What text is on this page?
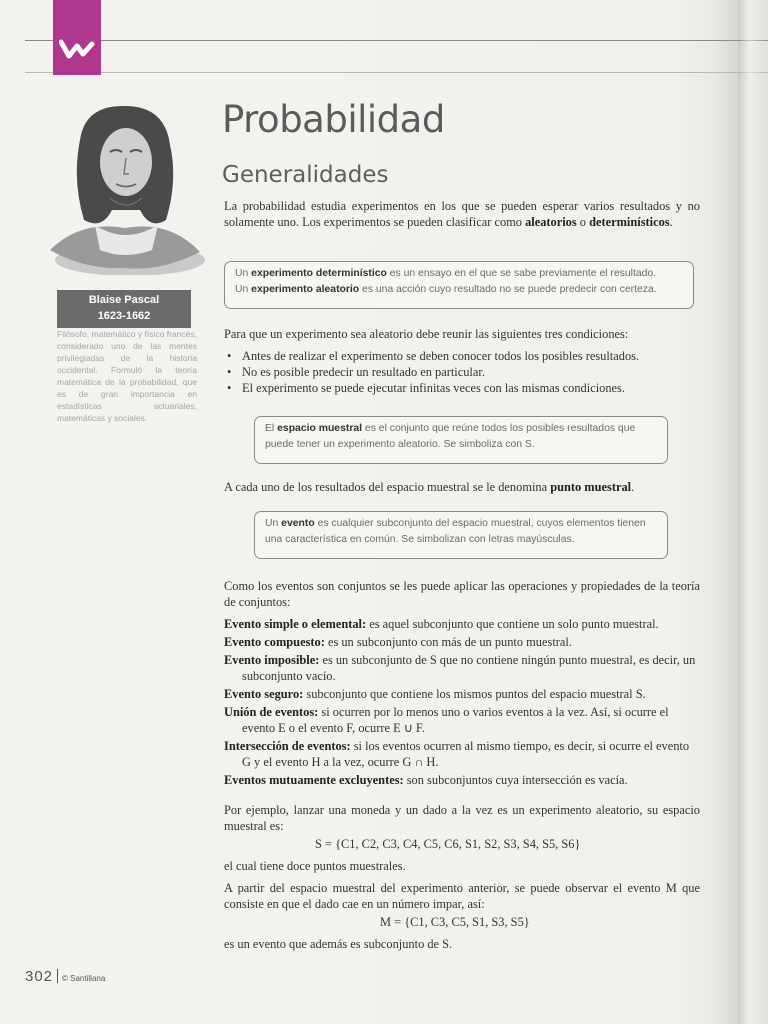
Blaise Pascal
1623-1662
Filósofo, matemático y físico francés, considerado uno de las mentes privilegiadas de la historia occidental. Formuló la teoría matemática de la probabilidad, que es de gran importancia en estadísticas actuariales, matemáticas y sociales.
Probabilidad
Generalidades
La probabilidad estudia experimentos en los que se pueden esperar varios resultados y no solamente uno. Los experimentos se pueden clasificar como aleatorios o determinísticos.
Un experimento determinístico es un ensayo en el que se sabe previamente el resultado.
Un experimento aleatorio es una acción cuyo resultado no se puede predecir con certeza.
Para que un experimento sea aleatorio debe reunir las siguientes tres condiciones:
• Antes de realizar el experimento se deben conocer todos los posibles resultados.
• No es posible predecir un resultado en particular.
• El experimento se puede ejecutar infinitas veces con las mismas condiciones.
El espacio muestral es el conjunto que reúne todos los posibles resultados que puede tener un experimento aleatorio. Se simboliza con S.
A cada uno de los resultados del espacio muestral se le denomina punto muestral.
Un evento es cualquier subconjunto del espacio muestral, cuyos elementos tienen una característica en común. Se simbolizan con letras mayúsculas.
Como los eventos son conjuntos se les puede aplicar las operaciones y propiedades de la teoría de conjuntos:
Evento simple o elemental: es aquel subconjunto que contiene un solo punto muestral.
Evento compuesto: es un subconjunto con más de un punto muestral.
Evento imposible: es un subconjunto de S que no contiene ningún punto muestral, es decir, un subconjunto vacío.
Evento seguro: subconjunto que contiene los mismos puntos del espacio muestral S.
Unión de eventos: si ocurren por lo menos uno o varios eventos a la vez. Así, si ocurre el evento E o el evento F, ocurre E ∪ F.
Intersección de eventos: si los eventos ocurren al mismo tiempo, es decir, si ocurre el evento G y el evento H a la vez, ocurre G ∩ H.
Eventos mutuamente excluyentes: son subconjuntos cuya intersección es vacía.
Por ejemplo, lanzar una moneda y un dado a la vez es un experimento aleatorio, su espacio muestral es:
S = {C1, C2, C3, C4, C5, C6, S1, S2, S3, S4, S5, S6}
el cual tiene doce puntos muestrales.
A partir del espacio muestral del experimento anterior, se puede observar el evento M que consiste en que el dado cae en un número impar, así:
M = {C1, C3, C5, S1, S3, S5}
es un evento que además es subconjunto de S.
302 © Santillana
